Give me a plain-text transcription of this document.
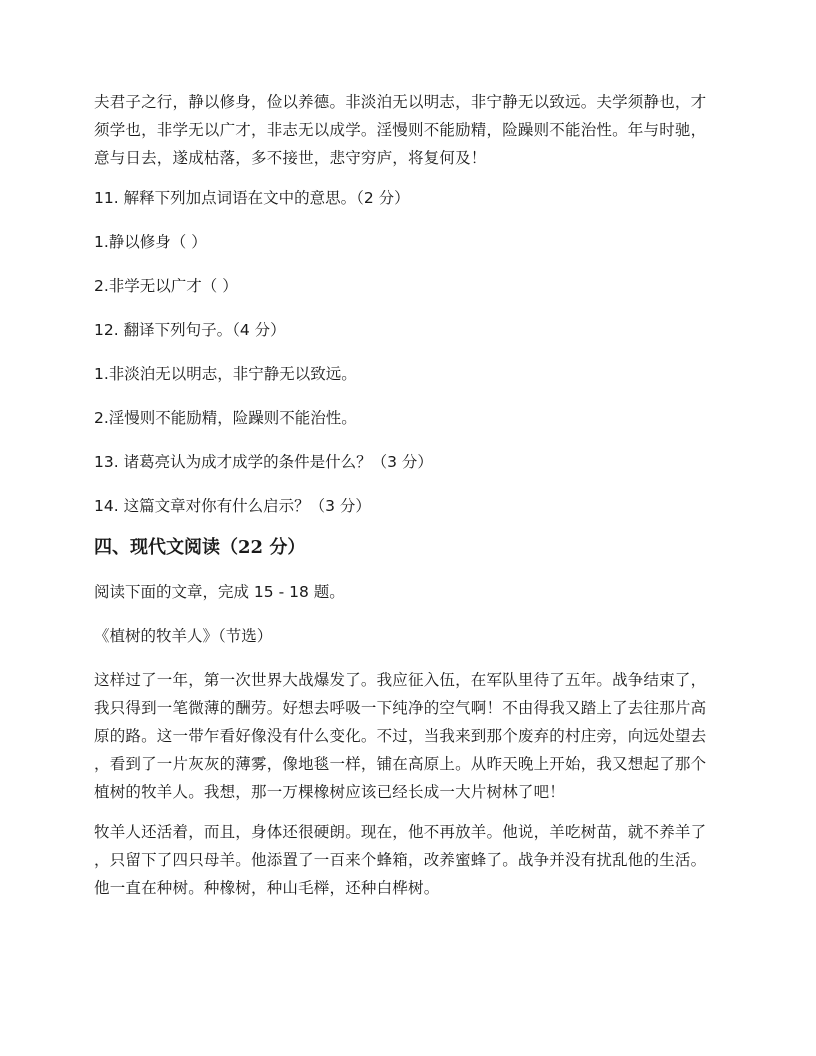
夫君子之行，静以修身，俭以养德。非淡泊无以明志，非宁静无以致远。夫学须静也，才
须学也，非学无以广才，非志无以成学。淫慢则不能励精，险躁则不能治性。年与时驰，
意与日去，遂成枯落，多不接世，悲守穷庐，将复何及！

11. 解释下列加点词语在文中的意思。（2 分）

1.静以修身（ ）

2.非学无以广才（ ）

12. 翻译下列句子。（4 分）

1.非淡泊无以明志，非宁静无以致远。

2.淫慢则不能励精，险躁则不能治性。

13. 诸葛亮认为成才成学的条件是什么？（3 分）

14. 这篇文章对你有什么启示？（3 分）

四、现代文阅读（22 分）

阅读下面的文章，完成 15 - 18 题。

《植树的牧羊人》（节选）

这样过了一年，第一次世界大战爆发了。我应征入伍，在军队里待了五年。战争结束了，
我只得到一笔微薄的酬劳。好想去呼吸一下纯净的空气啊！不由得我又踏上了去往那片高
原的路。这一带乍看好像没有什么变化。不过，当我来到那个废弃的村庄旁，向远处望去
，看到了一片灰灰的薄雾，像地毯一样，铺在高原上。从昨天晚上开始，我又想起了那个
植树的牧羊人。我想，那一万棵橡树应该已经长成一大片树林了吧！

牧羊人还活着，而且，身体还很硬朗。现在，他不再放羊。他说，羊吃树苗，就不养羊了
，只留下了四只母羊。他添置了一百来个蜂箱，改养蜜蜂了。战争并没有扰乱他的生活。
他一直在种树。种橡树，种山毛榉，还种白桦树。
